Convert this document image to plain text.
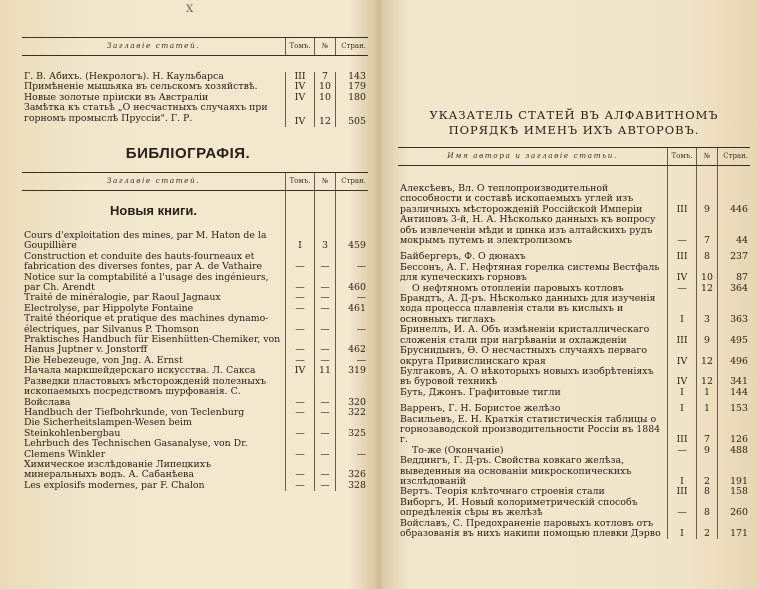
X
Заглавіе статей.	Томъ.	№	Стран.

Г. В. Абихъ. (Некрологъ). Н. Каульбарса	III	7	143
Примѣненіе мышьяка въ сельскомъ хозяйствѣ.	IV	10	179
Новые золотые пріиски въ Австраліи	IV	10	180
Замѣтка къ статьѣ „О несчастныхъ случаяхъ при горномъ промыслѣ Пруссіи". Г. Р.	IV	12	505
БИБЛІОГРАФІЯ.
Заглавіе статей.	Томъ.	№	Стран.
Новыя книги.			
Cours d'exploitation des mines, par M. Haton de la Goupillière	I	3	459
Construction et conduite des hauts-fourneaux et fabrication des diverses fontes, par A. de Vathaire	—	—	—
Notice sur la comptabilité a l'usage des ingénieurs, par Ch. Arendt	—	—	460
Traité de minéralogie, par Raoul Jagnaux	—	—	—
Electrolyse, par Hippolyte Fontaine	—	—	461
Traité théorique et pratique des machines dynamo-électriques, par Silvanus P. Thomson	—	—	—
Praktisches Handbuch für Eisenhütten-Chemiker, von Hanus Juptner v. Jonstorff	—	—	462
Die Hebezeuge, von Jng. A. Ernst	—	—	—
Начала маркшейдерскаго искусства. Л. Сакса	IV	11	319
Разведки пластовыхъ мѣсторожденій полезныхъ ископаемыхъ посредствомъ шурфованія. С. Войслава	—	—	320
Handbuch der Tiefbohrkunde, von Teclenburg	—	—	322
Die Sicherheitslampen-Wesen beim Steinkohlenbergbau	—	—	325
Lehrbuch des Technischen Gasanalyse, von Dr. Clemens Winkler	—	—	—
Химическое изслѣдованіе Липецкихъ минеральныхъ водъ. А. Сабанѣева	—	—	326
Les explosifs modernes, par F. Chalon	—	—	328
УКАЗАТЕЛЬ СТАТЕЙ ВЪ АЛФАВИТНОМЪ ПОРЯДКѢ ИМЕНЪ ИХЪ АВТОРОВЪ.
Имя автора и заглавіе статьи.	Томъ.	№	Стран.

Алексѣевъ, Вл. О теплопроизводительной способности и составѣ ископаемыхъ углей изъ различныхъ мѣсторожденій Россійской Имперіи	III	9	446
Антиповъ 3-й, Н. А. Нѣсколько данныхъ къ вопросу объ извлеченіи мѣди и цинка изъ алтайскихъ рудъ мокрымъ путемъ и электролизомъ	—	7	44
Байбергеръ, Ф. О дюнахъ	III	8	237
Бессонъ, А. Г. Нефтяная горелка системы Вестфаль для купеческихъ горновъ	IV	10	87
О нефтяномъ отопленіи паровыхъ котловъ	—	12	364
Брандтъ, А. Д-ръ. Нѣсколько данныхъ для изученія хода процесса плавленія стали въ кислыхъ и основныхъ тиглахъ	I	3	363
Бринелль, И. А. Объ измѣненіи кристаллическаго сложенія стали при нагрѣваніи и охлажденіи	III	9	495
Бруснидынъ, Ө. О несчастныхъ случаяхъ перваго округа Привислинскаго края	IV	12	496
Булгаковъ, А. О нѣкоторыхъ новыхъ изобрѣтеніяхъ въ буровой техникѣ	IV	12	341
Буть, Джонъ. Графитовые тигли	I	1	144
Варренъ, Г. Н. Бористое желѣзо	I	1	153
Васильевъ, Е. Н. Краткія статистическія таблицы о горнозаводской производительности Россіи въ 1884 г.	III	7	126
То-же (Окончаніе)	—	9	488
Веддингъ, Г. Д-ръ. Свойства ковкаго желѣза, выведенныя на основаніи микроскопическихъ изслѣдованій	I	2	191
Вертъ. Теорія клѣточнаго строенія стали	III	8	158
Виборгъ, И. Новый колориметрическій способъ опредѣленія сѣры въ желѣзѣ	—	8	260
Войславъ, С. Предохраненіе паровыхъ котловъ отъ образованія въ нихъ накипи помощью плевки Дэрво	I	2	171
